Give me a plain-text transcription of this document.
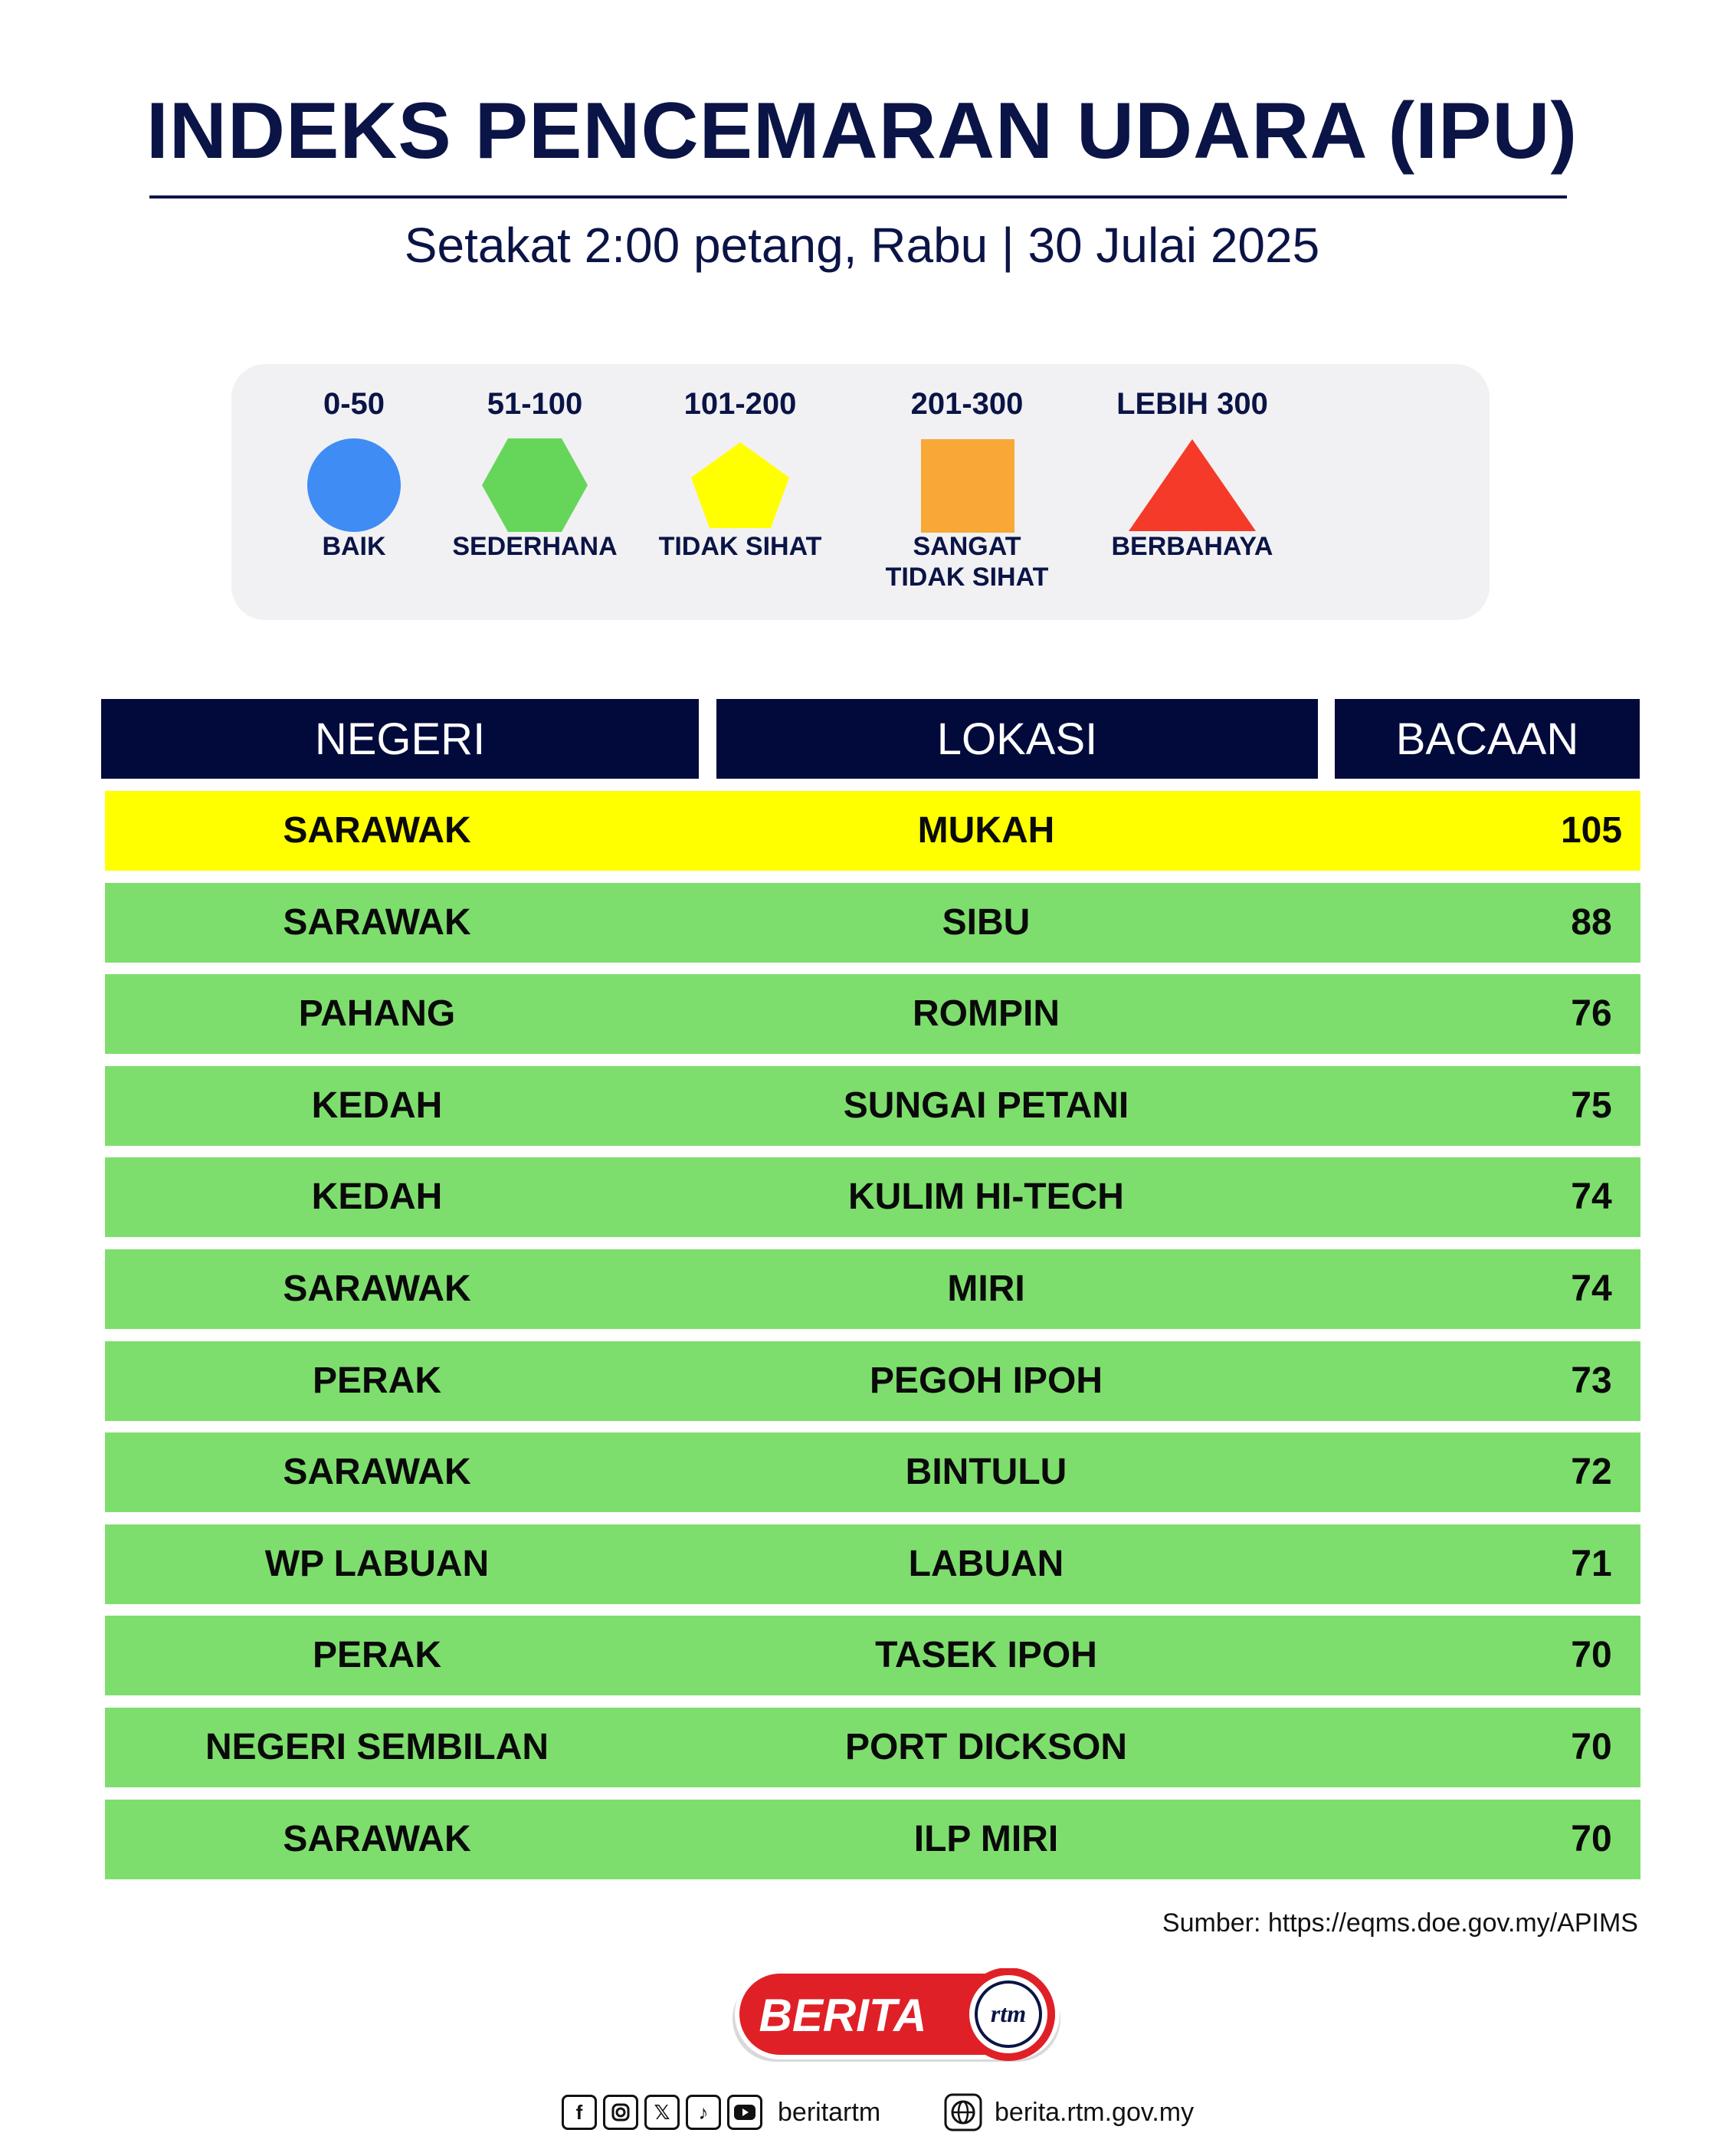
INDEKS PENCEMARAN UDARA (IPU)
Setakat 2:00 petang, Rabu | 30 Julai 2025
0-50
BAIK
51-100
SEDERHANA
101-200
TIDAK SIHAT
201-300
SANGAT
TIDAK SIHAT
LEBIH 300
BERBAHAYA
NEGERI	LOKASI	BACAAN
SARAWAK	MUKAH	105
SARAWAK	SIBU	88
PAHANG	ROMPIN	76
KEDAH	SUNGAI PETANI	75
KEDAH	KULIM HI-TECH	74
SARAWAK	MIRI	74
PERAK	PEGOH IPOH	73
SARAWAK	BINTULU	72
WP LABUAN	LABUAN	71
PERAK	TASEK IPOH	70
NEGERI SEMBILAN	PORT DICKSON	70
SARAWAK	ILP MIRI	70
Sumber: https://eqms.doe.gov.my/APIMS
BERITA	rtm
f	𝕏	♪	beritartm	berita.rtm.gov.my
